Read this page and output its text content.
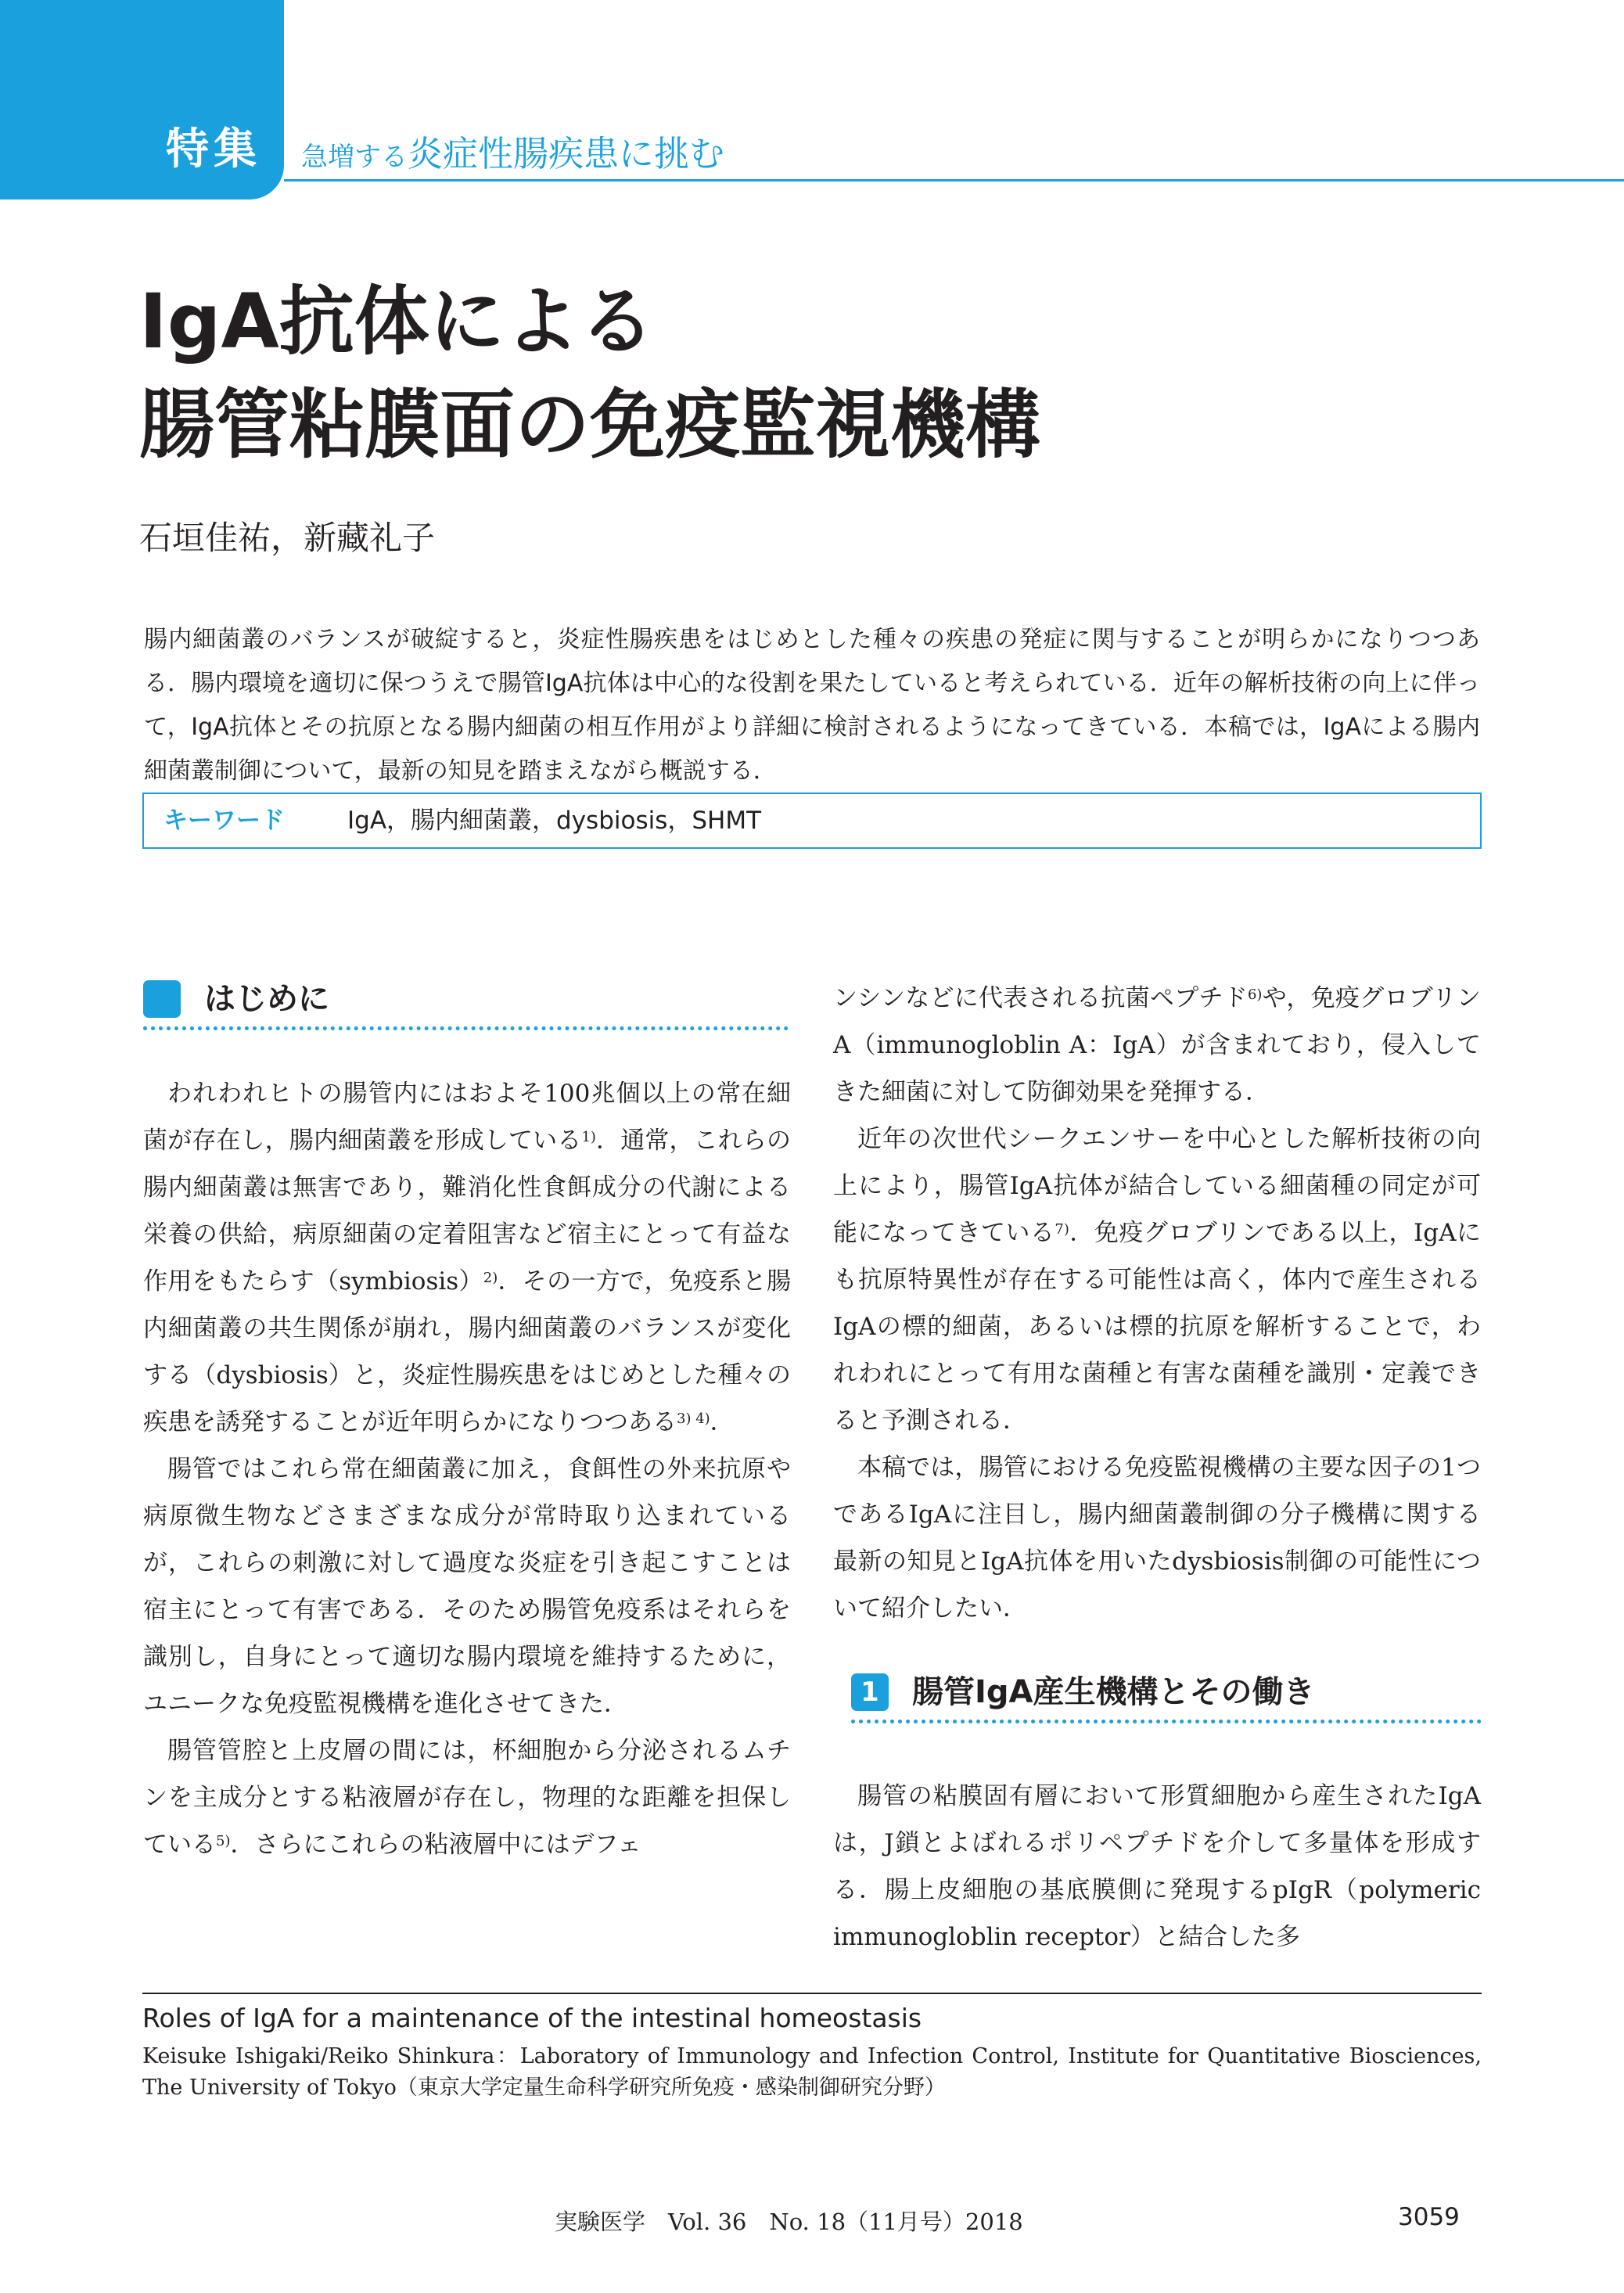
特集 急増する炎症性腸疾患に挑む
IgA抗体による
腸管粘膜面の免疫監視機構
石垣佳祐，新藏礼子
腸内細菌叢のバランスが破綻すると，炎症性腸疾患をはじめとした種々の疾患の発症に関与することが明らかになりつつある．腸内環境を適切に保つうえで腸管IgA抗体は中心的な役割を果たしていると考えられている．近年の解析技術の向上に伴って，IgA抗体とその抗原となる腸内細菌の相互作用がより詳細に検討されるようになってきている．本稿では，IgAによる腸内細菌叢制御について，最新の知見を踏まえながら概説する．
キーワード	IgA，腸内細菌叢，dysbiosis，SHMT
はじめに

われわれヒトの腸管内にはおよそ100兆個以上の常在細菌が存在し，腸内細菌叢を形成している$^{1)}$．通常，これらの腸内細菌叢は無害であり，難消化性食餌成分の代謝による栄養の供給，病原細菌の定着阻害など宿主にとって有益な作用をもたらす（symbiosis）$^{2)}$．その一方で，免疫系と腸内細菌叢の共生関係が崩れ，腸内細菌叢のバランスが変化する（dysbiosis）と，炎症性腸疾患をはじめとした種々の疾患を誘発することが近年明らかになりつつある$^{3) 4)}$．

腸管ではこれら常在細菌叢に加え，食餌性の外来抗原や病原微生物などさまざまな成分が常時取り込まれているが，これらの刺激に対して過度な炎症を引き起こすことは宿主にとって有害である．そのため腸管免疫系はそれらを識別し，自身にとって適切な腸内環境を維持するために，ユニークな免疫監視機構を進化させてきた．

腸管管腔と上皮層の間には，杯細胞から分泌されるムチンを主成分とする粘液層が存在し，物理的な距離を担保している$^{5)}$．さらにこれらの粘液層中にはデフェ

ンシンなどに代表される抗菌ペプチド$^{6)}$や，免疫グロブリンA（immunogloblin A：IgA）が含まれており，侵入してきた細菌に対して防御効果を発揮する．

近年の次世代シークエンサーを中心とした解析技術の向上により，腸管IgA抗体が結合している細菌種の同定が可能になってきている$^{7)}$．免疫グロブリンである以上，IgAにも抗原特異性が存在する可能性は高く，体内で産生されるIgAの標的細菌，あるいは標的抗原を解析することで，われわれにとって有用な菌種と有害な菌種を識別・定義できると予測される．

本稿では，腸管における免疫監視機構の主要な因子の1つであるIgAに注目し，腸内細菌叢制御の分子機構に関する最新の知見とIgA抗体を用いたdysbiosis制御の可能性について紹介したい．

1	腸管IgA産生機構とその働き

腸管の粘膜固有層において形質細胞から産生されたIgAは，J鎖とよばれるポリペプチドを介して多量体を形成する．腸上皮細胞の基底膜側に発現するpIgR（polymeric immunogloblin receptor）と結合した多

Roles of IgA for a maintenance of the intestinal homeostasis
Keisuke Ishigaki/Reiko Shinkura：Laboratory of Immunology and Infection Control, Institute for Quantitative Biosciences, The University of Tokyo（東京大学定量生命科学研究所免疫・感染制御研究分野）
実験医学　Vol. 36　No. 18（11月号）2018	3059
